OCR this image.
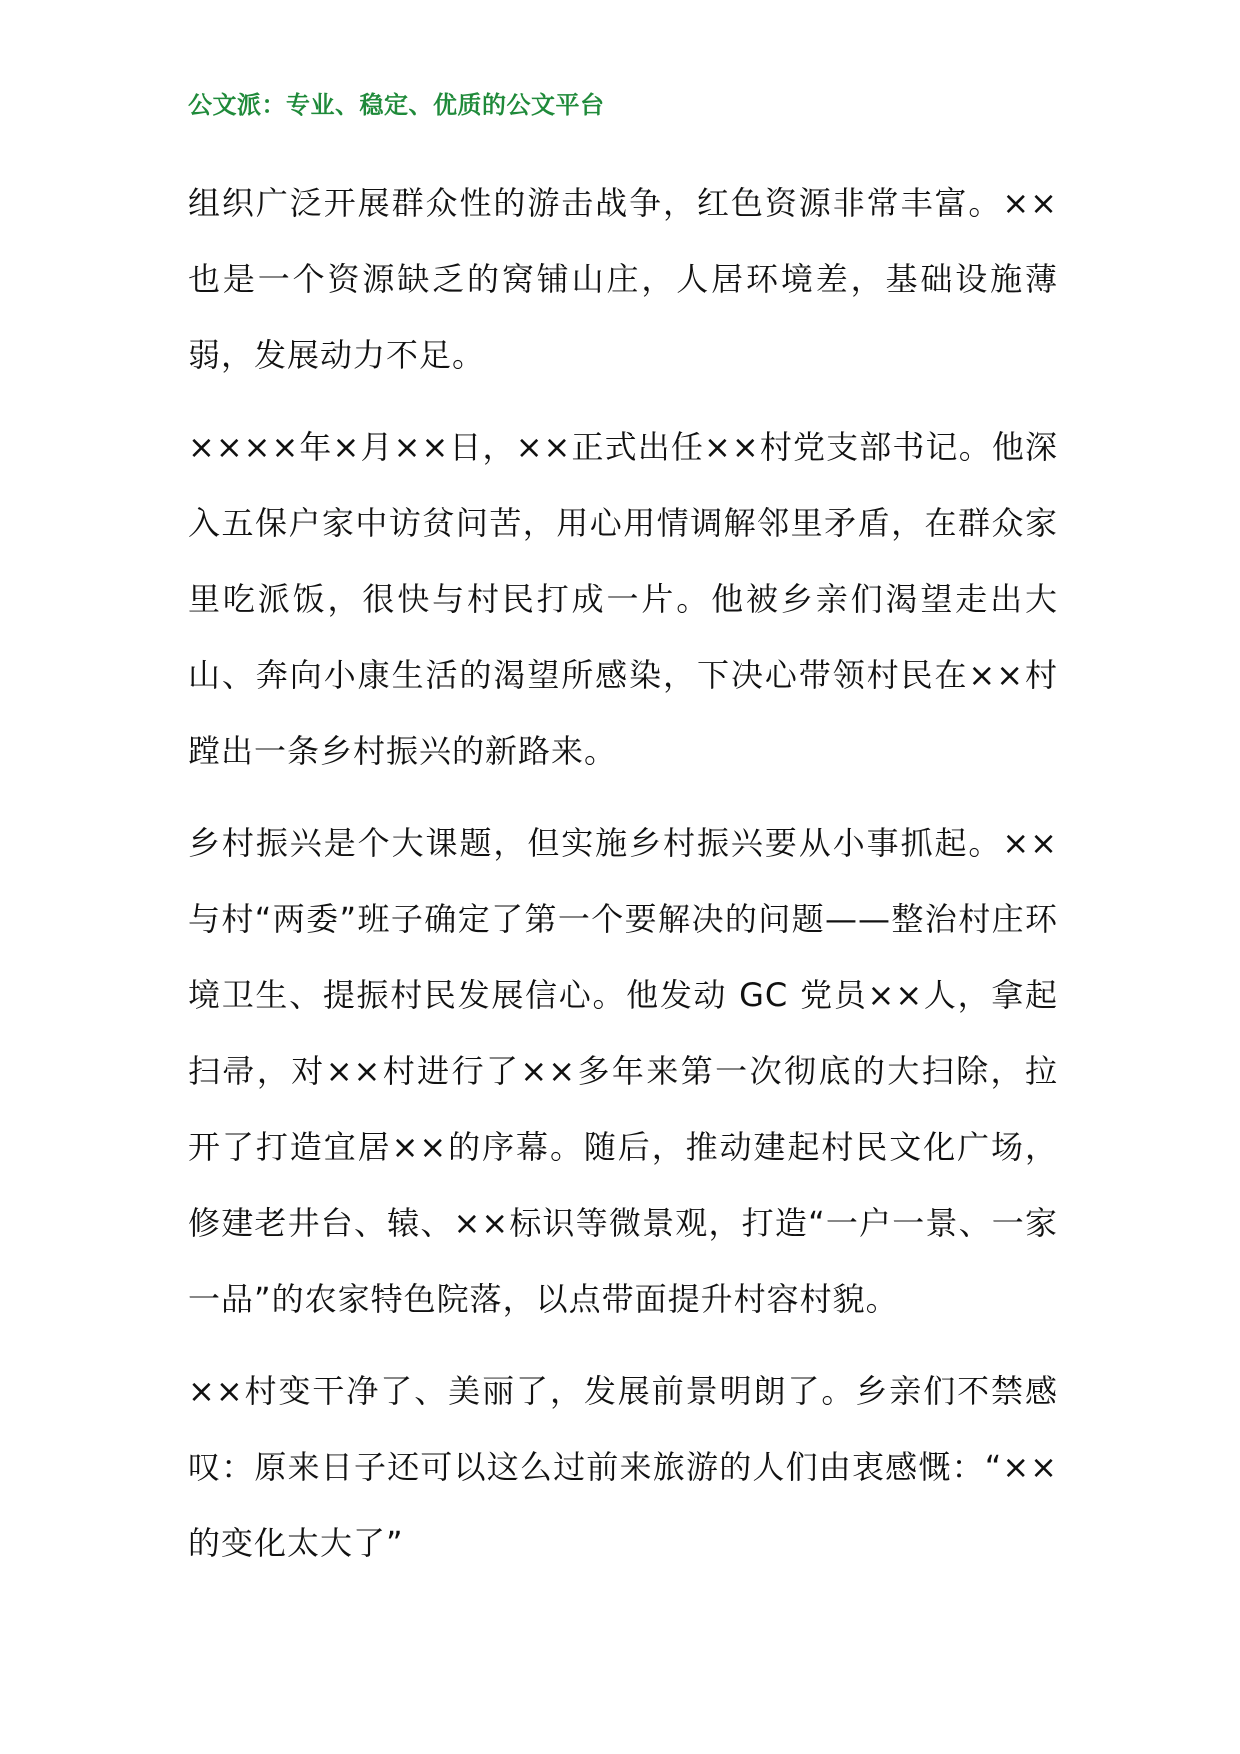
公文派：专业、稳定、优质的公文平台

组织广泛开展群众性的游击战争，红色资源非常丰富。××也是一个资源缺乏的窝铺山庄，人居环境差，基础设施薄弱，发展动力不足。

××××年×月××日，××正式出任××村党支部书记。他深入五保户家中访贫问苦，用心用情调解邻里矛盾，在群众家里吃派饭，很快与村民打成一片。他被乡亲们渴望走出大山、奔向小康生活的渴望所感染，下决心带领村民在××村蹚出一条乡村振兴的新路来。

乡村振兴是个大课题，但实施乡村振兴要从小事抓起。××与村“两委”班子确定了第一个要解决的问题——整治村庄环境卫生、提振村民发展信心。他发动 GC 党员××人，拿起扫帚，对××村进行了××多年来第一次彻底的大扫除，拉开了打造宜居××的序幕。随后，推动建起村民文化广场，修建老井台、辕、××标识等微景观，打造“一户一景、一家一品”的农家特色院落，以点带面提升村容村貌。

××村变干净了、美丽了，发展前景明朗了。乡亲们不禁感叹：原来日子还可以这么过前来旅游的人们由衷感慨：“××的变化太大了”
